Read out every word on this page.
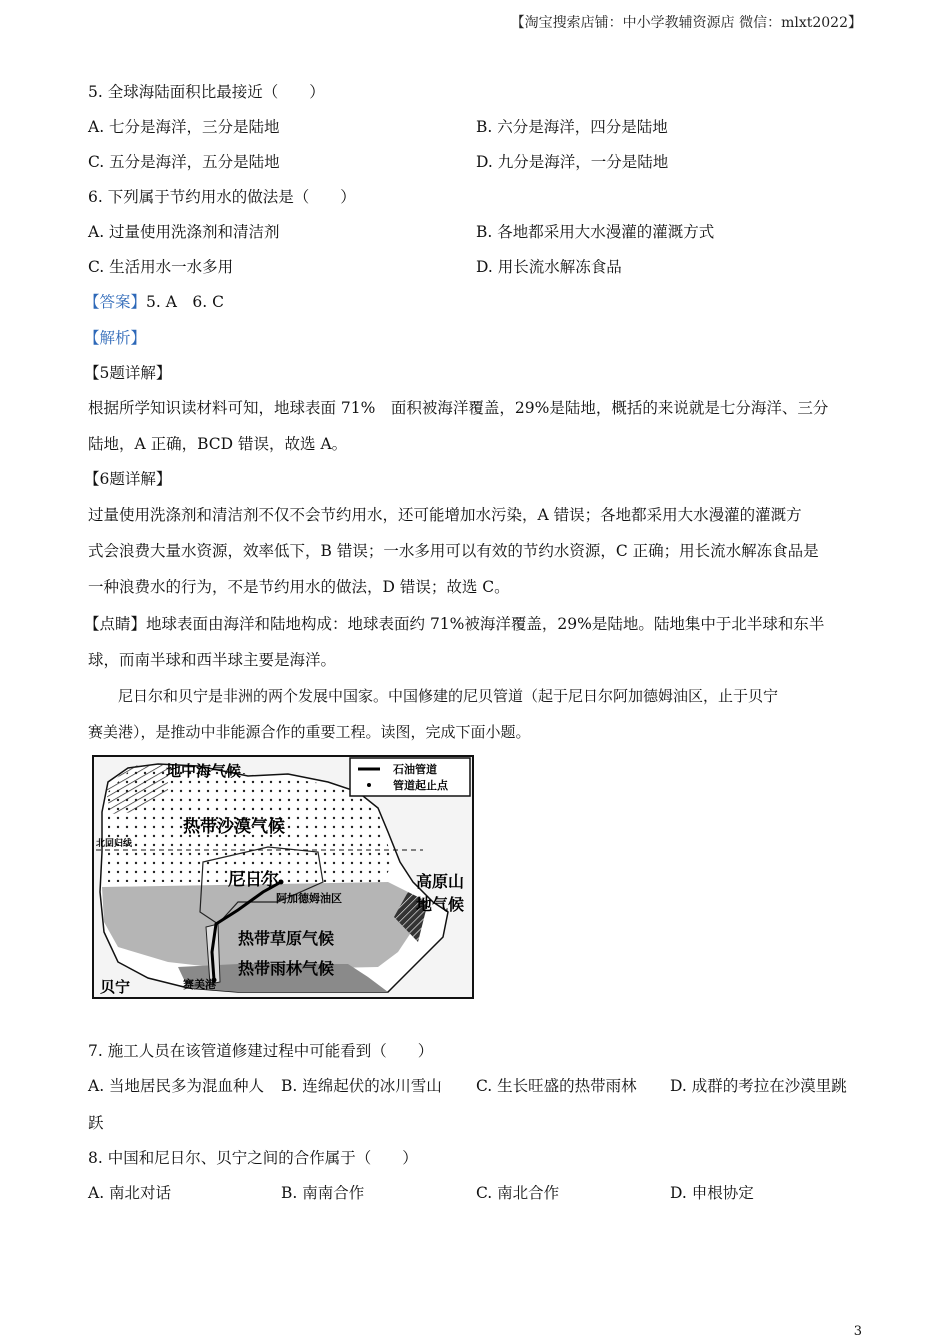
【淘宝搜索店铺：中小学教辅资源店 微信：mlxt2022】
5. 全球海陆面积比最接近（　　）
A. 七分是海洋，三分是陆地	B. 六分是海洋，四分是陆地
C. 五分是海洋，五分是陆地	D. 九分是海洋，一分是陆地
6. 下列属于节约用水的做法是（　　）
A. 过量使用洗涤剂和清洁剂	B. 各地都采用大水漫灌的灌溉方式
C. 生活用水一水多用	D. 用长流水解冻食品
【答案】5. A　6. C
【解析】
【5题详解】
根据所学知识读材料可知，地球表面 71%　面积被海洋覆盖，29%是陆地，概括的来说就是七分海洋、三分
陆地，A 正确，BCD 错误，故选 A。
【6题详解】
过量使用洗涤剂和清洁剂不仅不会节约用水，还可能增加水污染，A 错误；各地都采用大水漫灌的灌溉方
式会浪费大量水资源，效率低下，B 错误；一水多用可以有效的节约水资源，C 正确；用长流水解冻食品是
一种浪费水的行为，不是节约用水的做法，D 错误；故选 C。
【点睛】地球表面由海洋和陆地构成：地球表面约 71%被海洋覆盖，29%是陆地。陆地集中于北半球和东半
球，而南半球和西半球主要是海洋。
尼日尔和贝宁是非洲的两个发展中国家。中国修建的尼贝管道（起于尼日尔阿加德姆油区，止于贝宁
赛美港），是推动中非能源合作的重要工程。读图，完成下面小题。
石油管道
管道起止点
地中海气候
热带沙漠气候
北回归线
尼日尔
阿加德姆油区
高原山
地气候
热带草原气候
热带雨林气候
贝宁	赛美港
7. 施工人员在该管道修建过程中可能看到（　　）
A. 当地居民多为混血种人 B. 连绵起伏的冰川雪山 C. 生长旺盛的热带雨林 D. 成群的考拉在沙漠里跳
跃
8. 中国和尼日尔、贝宁之间的合作属于（　　）
A. 南北对话	B. 南南合作	C. 南北合作	D. 申根协定
3
